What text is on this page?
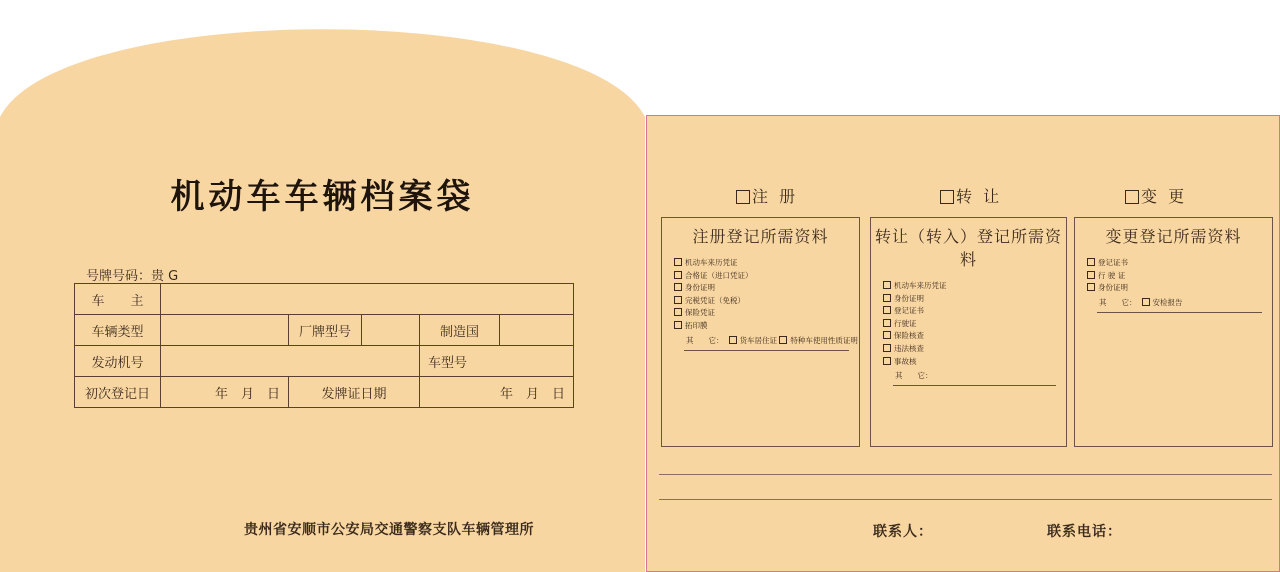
机动车车辆档案袋
号牌号码：贵 G
车　　主					
车辆类型		厂牌型号		制造国	
发动机号				车型号	
初次登记日	年　月　日	发牌证日期		年　月　日	
贵州省安顺市公安局交通警察支队车辆管理所
注 册	转 让	变 更
注册登记所需资料
机动车来历凭证
合格证（进口凭证）
身份证明
完税凭证（免税）
保险凭证
拓印膜
其　　它： 货车居住证 特种车使用性质证明
转让（转入）登记所需资料
机动车来历凭证
身份证明
登记证书
行驶证
保险核查
违法核查
事故核
其　　它：
变更登记所需资料
登记证书
行 驶 证
身份证明
其　　它： 安检报告
联系人：	联系电话：
